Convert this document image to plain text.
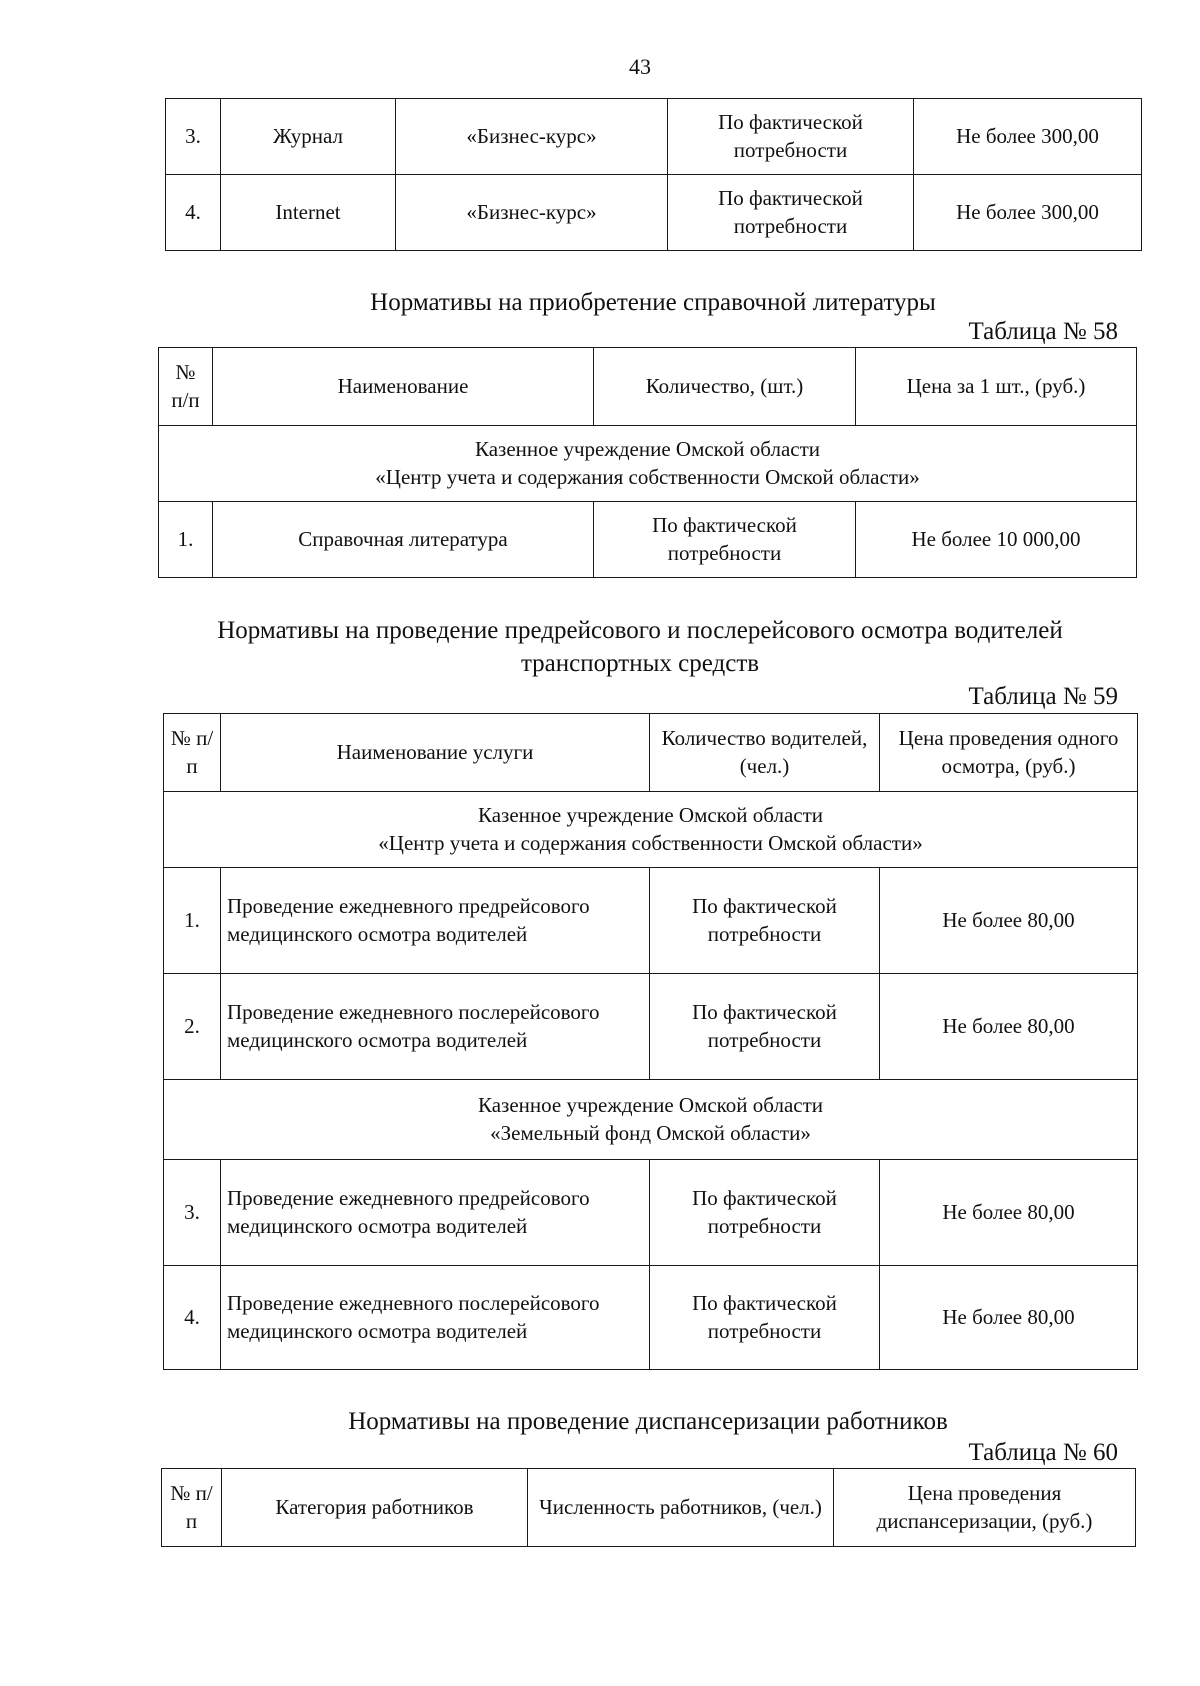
43
3.	Журнал	«Бизнес-курс»	По фактической потребности	Не более 300,00
4.	Internet	«Бизнес-курс»	По фактической потребности	Не более 300,00
Нормативы на приобретение справочной литературы
Таблица № 58
№ п/п	Наименование	Количество, (шт.)	Цена за 1 шт., (руб.)

Казенное учреждение Омской области
«Центр учета и содержания собственности Омской области»			

1.	Справочная литература	По фактической потребности	Не более 10 000,00
Нормативы на проведение предрейсового и послерейсового осмотра водителей
транспортных средств
Таблица № 59
№ п/п	Наименование услуги	Количество водителей, (чел.)	Цена проведения одного осмотра, (руб.)

Казенное учреждение Омской области
«Центр учета и содержания собственности Омской области»			

1.	Проведение ежедневного предрейсового медицинского осмотра водителей	По фактической потребности	Не более 80,00
2.	Проведение ежедневного послерейсового медицинского осмотра водителей	По фактической потребности	Не более 80,00

Казенное учреждение Омской области
«Земельный фонд Омской области»			

3.	Проведение ежедневного предрейсового медицинского осмотра водителей	По фактической потребности	Не более 80,00
4.	Проведение ежедневного послерейсового медицинского осмотра водителей	По фактической потребности	Не более 80,00
Нормативы на проведение диспансеризации работников
Таблица № 60
№ п/п	Категория работников	Численность работников, (чел.)	Цена проведения диспансеризации, (руб.)
